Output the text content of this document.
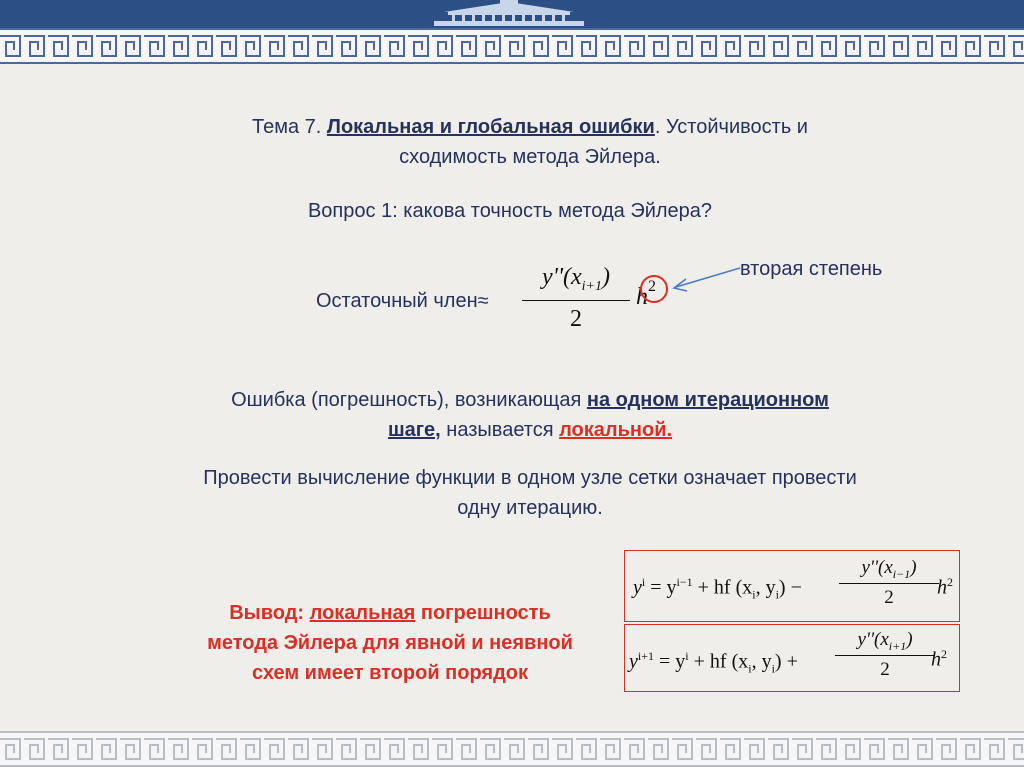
Тема 7. Локальная и глобальная ошибки. Устойчивость и
сходимость метода Эйлера.
Вопрос 1: какова точность метода Эйлера?
Остаточный член≈
$y''(x_{i+1})$
2
h 2
вторая степень
Ошибка (погрешность), возникающая на одном итерационном
шаге, называется локальной.
Провести вычисление функции в одном узле сетки означает провести
одну итерацию.
Вывод: локальная погрешность
метода Эйлера для явной и неявной
схем имеет второй порядок
$y^i = y^{i-1}$ + hf ($x_i$, $y_i$) −
$y''(x_{i-1})$
2	$h^2$
$y^{i+1} = y^i$ + hf ($x_i$, $y_i$) +
$y''(x_{i+1})$
2	$h^2$
